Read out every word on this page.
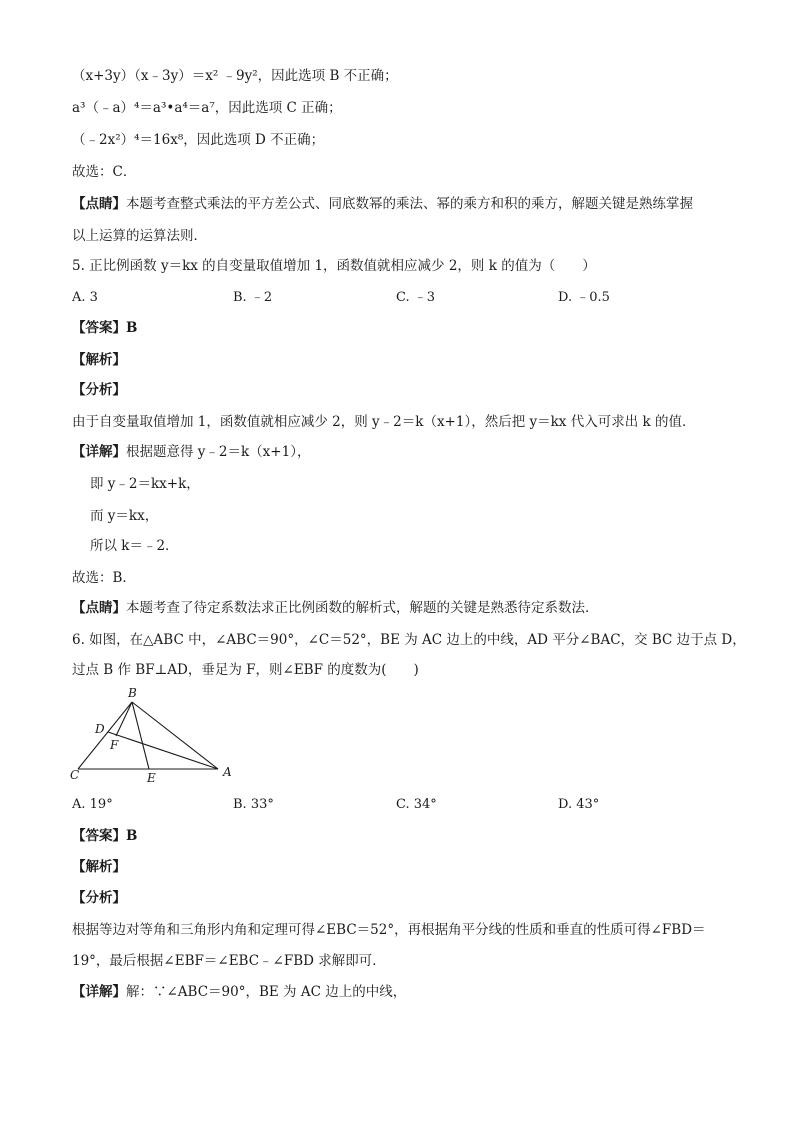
（x+3y）（x﹣3y）＝x² ﹣9y²，因此选项 B 不正确；
a³（﹣a）⁴＝a³•a⁴＝a⁷，因此选项 C 正确；
（﹣2x²）⁴＝16x⁸，因此选项 D 不正确；
故选：C．
【点睛】本题考查整式乘法的平方差公式、同底数幂的乘法、幂的乘方和积的乘方，解题关键是熟练掌握
以上运算的运算法则．
5. 正比例函数 y＝kx 的自变量取值增加 1，函数值就相应减少 2，则 k 的值为（　　）
A. 3	B. ﹣2	C. ﹣3	D. ﹣0.5
【答案】B
【解析】
【分析】
由于自变量取值增加 1，函数值就相应减少 2，则 y﹣2＝k（x+1），然后把 y＝kx 代入可求出 k 的值．
【详解】根据题意得 y﹣2＝k（x+1），
即 y﹣2＝kx+k，
而 y＝kx，
所以 k＝﹣2．
故选：B．
【点睛】本题考查了待定系数法求正比例函数的解析式，解题的关键是熟悉待定系数法．
6. 如图，在△ABC 中，∠ABC＝90°，∠C＝52°，BE 为 AC 边上的中线，AD 平分∠BAC，交 BC 边于点 D，
过点 B 作 BF⊥AD，垂足为 F，则∠EBF 的度数为(　　)
B
D
F
C	E	A
A. 19°	B. 33°	C. 34°	D. 43°
【答案】B
【解析】
【分析】
根据等边对等角和三角形内角和定理可得∠EBC＝52°，再根据角平分线的性质和垂直的性质可得∠FBD＝
19°，最后根据∠EBF＝∠EBC﹣∠FBD 求解即可．
【详解】解：∵∠ABC＝90°，BE 为 AC 边上的中线，
